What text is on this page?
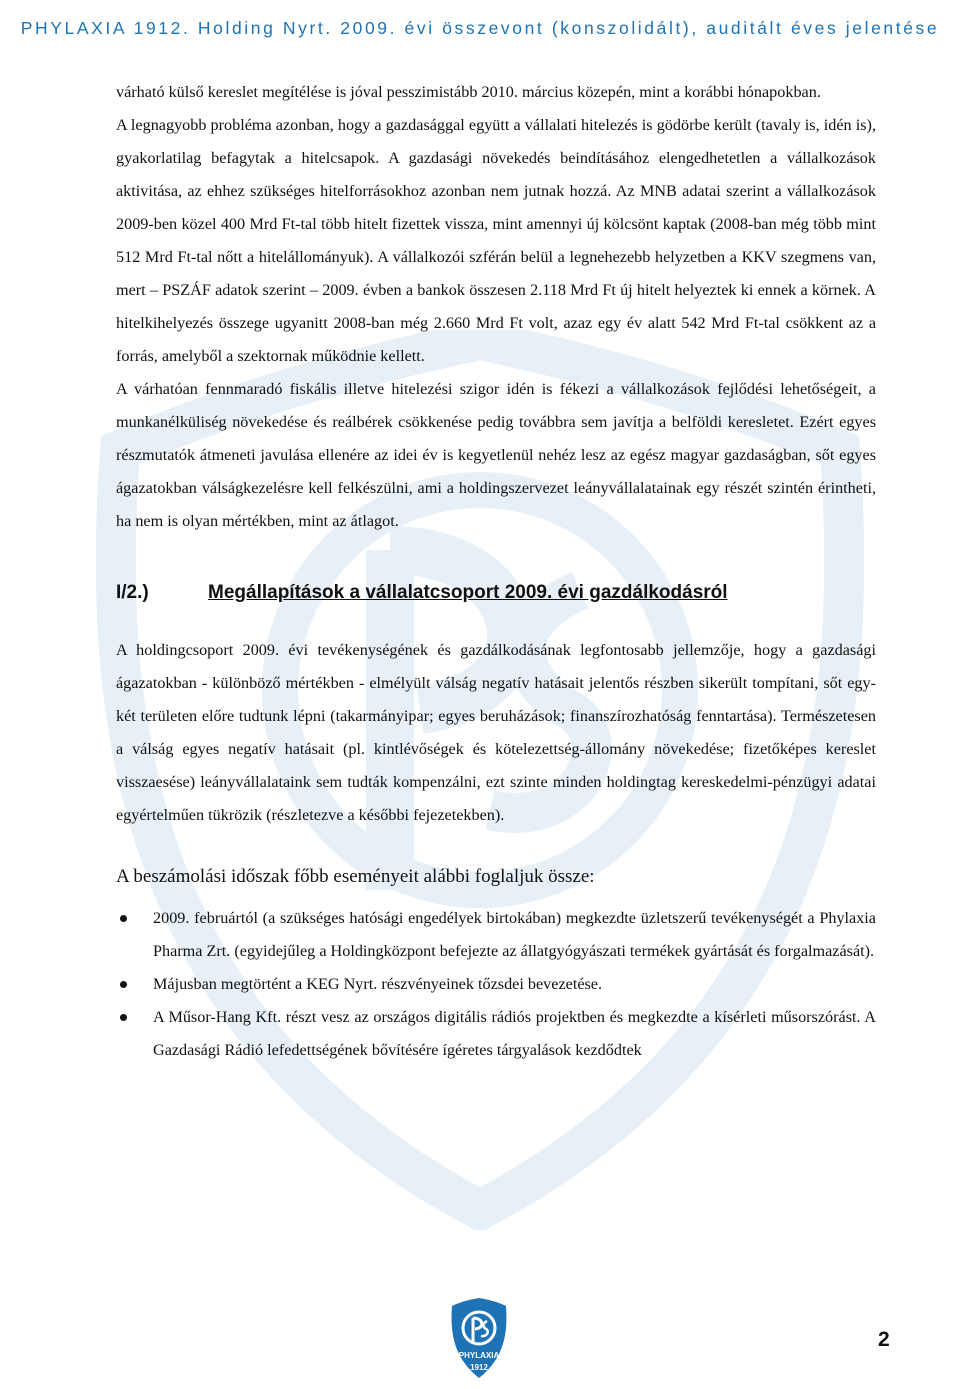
PHYLAXIA 1912. Holding Nyrt. 2009. évi összevont (konszolidált), auditált éves jelentése

várható külső kereslet megítélése is jóval pesszimistább 2010. március közepén, mint a korábbi hónapokban.

A legnagyobb probléma azonban, hogy a gazdasággal együtt a vállalati hitelezés is gödörbe került (tavaly is, idén is), gyakorlatilag befagytak a hitelcsapok. A gazdasági növekedés beindításához elengedhetetlen a vállalkozások aktivitása, az ehhez szükséges hitelforrásokhoz azonban nem jutnak hozzá. Az MNB adatai szerint a vállalkozások 2009-ben közel 400 Mrd Ft-tal több hitelt fizettek vissza, mint amennyi új kölcsönt kaptak (2008-ban még több mint 512 Mrd Ft-tal nőtt a hitelállományuk). A vállalkozói szférán belül a legnehezebb helyzetben a KKV szegmens van, mert – PSZÁF adatok szerint – 2009. évben a bankok összesen 2.118 Mrd Ft új hitelt helyeztek ki ennek a körnek. A hitelkihelyezés összege ugyanitt 2008-ban még 2.660 Mrd Ft volt, azaz egy év alatt 542 Mrd Ft-tal csökkent az a forrás, amelyből a szektornak működnie kellett.

A várhatóan fennmaradó fiskális illetve hitelezési szigor idén is fékezi a vállalkozások fejlődési lehetőségeit, a munkanélküliség növekedése és reálbérek csökkenése pedig továbbra sem javítja a belföldi keresletet. Ezért egyes részmutatók átmeneti javulása ellenére az idei év is kegyetlenül nehéz lesz az egész magyar gazdaságban, sőt egyes ágazatokban válságkezelésre kell felkészülni, ami a holdingszervezet leányvállalatainak egy részét szintén érintheti, ha nem is olyan mértékben, mint az átlagot.

I/2.)	Megállapítások a vállalatcsoport 2009. évi gazdálkodásról

A holdingcsoport 2009. évi tevékenységének és gazdálkodásának legfontosabb jellemzője, hogy a gazdasági ágazatokban - különböző mértékben - elmélyült válság negatív hatásait jelentős részben sikerült tompítani, sőt egy-két területen előre tudtunk lépni (takarmányipar; egyes beruházások; finanszírozhatóság fenntartása). Természetesen a válság egyes negatív hatásait (pl. kintlévőségek és kötelezettség-állomány növekedése; fizetőképes kereslet visszaesése) leányvállalataink sem tudták kompenzálni, ezt szinte minden holdingtag kereskedelmi-pénzügyi adatai egyértelműen tükrözik (részletezve a későbbi fejezetekben).

A beszámolási időszak főbb eseményeit alábbi foglaljuk össze:

2009. februártól (a szükséges hatósági engedélyek birtokában) megkezdte üzletszerű tevékenységét a Phylaxia Pharma Zrt. (egyidejűleg a Holdingközpont befejezte az állatgyógyászati termékek gyártását és forgalmazását).
Májusban megtörtént a KEG Nyrt. részvényeinek tőzsdei bevezetése.
A Műsor-Hang Kft. részt vesz az országos digitális rádiós projektben és megkezdte a kísérleti műsorszórást. A Gazdasági Rádió lefedettségének bővítésére ígéretes tárgyalások kezdődtek
PHYLAXIA
1912
2
